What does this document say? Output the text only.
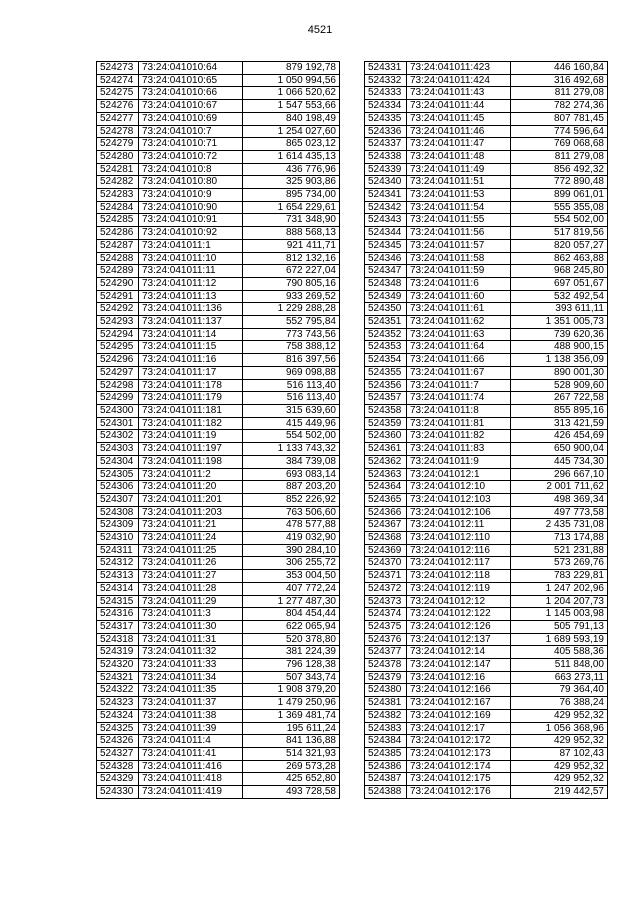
4521
524273	73:24:041010:64	879 192,78
524274	73:24:041010:65	1 050 994,56
524275	73:24:041010:66	1 066 520,62
524276	73:24:041010:67	1 547 553,66
524277	73:24:041010:69	840 198,49
524278	73:24:041010:7	1 254 027,60
524279	73:24:041010:71	865 023,12
524280	73:24:041010:72	1 614 435,13
524281	73:24:041010:8	436 776,96
524282	73:24:041010:80	325 903,86
524283	73:24:041010:9	895 734,00
524284	73:24:041010:90	1 654 229,61
524285	73:24:041010:91	731 348,90
524286	73:24:041010:92	888 568,13
524287	73:24:041011:1	921 411,71
524288	73:24:041011:10	812 132,16
524289	73:24:041011:11	672 227,04
524290	73:24:041011:12	790 805,16
524291	73:24:041011:13	933 269,52
524292	73:24:041011:136	1 229 288,28
524293	73:24:041011:137	552 795,84
524294	73:24:041011:14	773 743,56
524295	73:24:041011:15	758 388,12
524296	73:24:041011:16	816 397,56
524297	73:24:041011:17	969 098,88
524298	73:24:041011:178	516 113,40
524299	73:24:041011:179	516 113,40
524300	73:24:041011:181	315 639,60
524301	73:24:041011:182	415 449,96
524302	73:24:041011:19	554 502,00
524303	73:24:041011:197	1 133 743,32
524304	73:24:041011:198	384 739,08
524305	73:24:041011:2	693 083,14
524306	73:24:041011:20	887 203,20
524307	73:24:041011:201	852 226,92
524308	73:24:041011:203	763 506,60
524309	73:24:041011:21	478 577,88
524310	73:24:041011:24	419 032,90
524311	73:24:041011:25	390 284,10
524312	73:24:041011:26	306 255,72
524313	73:24:041011:27	353 004,50
524314	73:24:041011:28	407 772,24
524315	73:24:041011:29	1 277 487,30
524316	73:24:041011:3	804 454,44
524317	73:24:041011:30	622 065,94
524318	73:24:041011:31	520 378,80
524319	73:24:041011:32	381 224,39
524320	73:24:041011:33	796 128,38
524321	73:24:041011:34	507 343,74
524322	73:24:041011:35	1 908 379,20
524323	73:24:041011:37	1 479 250,96
524324	73:24:041011:38	1 369 481,74
524325	73:24:041011:39	195 611,24
524326	73:24:041011:4	841 136,88
524327	73:24:041011:41	514 321,93
524328	73:24:041011:416	269 573,28
524329	73:24:041011:418	425 652,80
524330	73:24:041011:419	493 728,58
524331	73:24:041011:423	446 160,84
524332	73:24:041011:424	316 492,68
524333	73:24:041011:43	811 279,08
524334	73:24:041011:44	782 274,36
524335	73:24:041011:45	807 781,45
524336	73:24:041011:46	774 596,64
524337	73:24:041011:47	769 068,68
524338	73:24:041011:48	811 279,08
524339	73:24:041011:49	856 492,32
524340	73:24:041011:51	772 890,48
524341	73:24:041011:53	899 061,01
524342	73:24:041011:54	555 355,08
524343	73:24:041011:55	554 502,00
524344	73:24:041011:56	517 819,56
524345	73:24:041011:57	820 057,27
524346	73:24:041011:58	862 463,88
524347	73:24:041011:59	968 245,80
524348	73:24:041011:6	697 051,67
524349	73:24:041011:60	532 492,54
524350	73:24:041011:61	393 611,11
524351	73:24:041011:62	1 351 005,73
524352	73:24:041011:63	739 620,36
524353	73:24:041011:64	488 900,15
524354	73:24:041011:66	1 138 356,09
524355	73:24:041011:67	890 001,30
524356	73:24:041011:7	528 909,60
524357	73:24:041011:74	267 722,58
524358	73:24:041011:8	855 895,16
524359	73:24:041011:81	313 421,59
524360	73:24:041011:82	426 454,69
524361	73:24:041011:83	650 900,04
524362	73:24:041011:9	445 734,30
524363	73:24:041012:1	296 667,10
524364	73:24:041012:10	2 001 711,62
524365	73:24:041012:103	498 369,34
524366	73:24:041012:106	497 773,58
524367	73:24:041012:11	2 435 731,08
524368	73:24:041012:110	713 174,88
524369	73:24:041012:116	521 231,88
524370	73:24:041012:117	573 269,76
524371	73:24:041012:118	783 229,81
524372	73:24:041012:119	1 247 202,96
524373	73:24:041012:12	1 204 207,73
524374	73:24:041012:122	1 145 003,98
524375	73:24:041012:126	505 791,13
524376	73:24:041012:137	1 689 593,19
524377	73:24:041012:14	405 588,36
524378	73:24:041012:147	511 848,00
524379	73:24:041012:16	663 273,11
524380	73:24:041012:166	79 364,40
524381	73:24:041012:167	76 388,24
524382	73:24:041012:169	429 952,32
524383	73:24:041012:17	1 056 368,96
524384	73:24:041012:172	429 952,32
524385	73:24:041012:173	87 102,43
524386	73:24:041012:174	429 952,32
524387	73:24:041012:175	429 952,32
524388	73:24:041012:176	219 442,57
